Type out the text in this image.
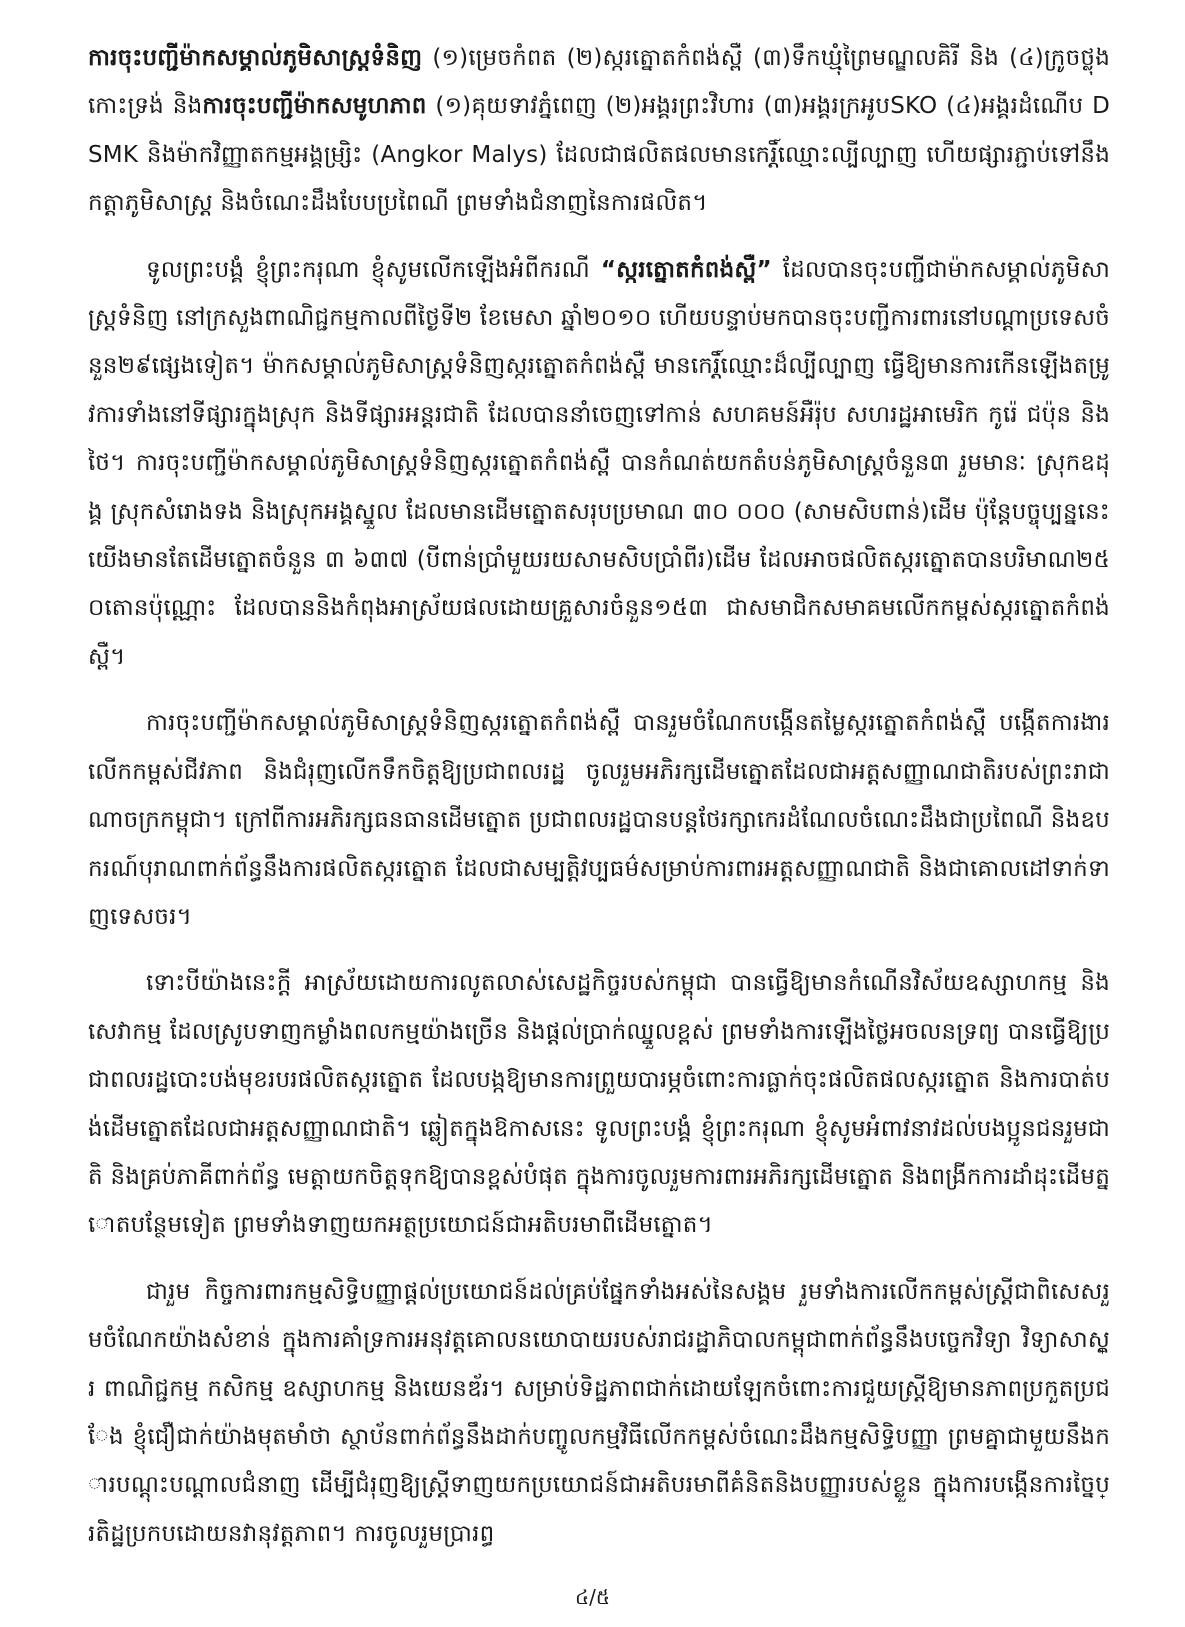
ការចុះបញ្ជីម៉ាកសម្គាល់ភូមិសាស្ត្រទំនិញ (១)ម្រេចកំពត (២)ស្ករត្នោតកំពង់ស្ពឺ (៣)ទឹកឃ្មុំព្រៃមណ្ឌលគិរី និង (៤)ក្រូចថ្លុងកោះទ្រង់ និងការចុះបញ្ជីម៉ាកសមូហភាព (១)គុយទាវភ្នំពេញ (២)អង្គរព្រះវិហារ (៣)អង្គរក្រអូបSKO (៤)អង្គរដំណើប DSMK និងម៉ាកវិញ្ញាតកម្មអង្គម្ស្រិះ (Angkor Malys) ដែលជាផលិតផលមានកេរ្តិ៍ឈ្មោះល្បីល្បាញ ហើយផ្សារភ្ជាប់ទៅនឹងកត្តាភូមិសាស្ត្រ និងចំណេះដឹងបែបប្រពៃណី ព្រមទាំងជំនាញនៃការផលិត។

ទូលព្រះបង្គំ ខ្ញុំព្រះករុណា ខ្ញុំសូមលើកឡើងអំពីករណី “ស្ករត្នោតកំពង់ស្ពឺ” ដែលបានចុះបញ្ជីជាម៉ាកសម្គាល់ភូមិសាស្ត្រទំនិញ នៅក្រសួងពាណិជ្ជកម្មកាលពីថ្ងៃទី២ ខែមេសា ឆ្នាំ២០១០ ហើយបន្ទាប់មកបានចុះបញ្ជីការពារនៅបណ្តាប្រទេសចំនួន២៩ផ្សេងទៀត។ ម៉ាកសម្គាល់ភូមិសាស្ត្រទំនិញស្ករត្នោតកំពង់ស្ពឺ មានកេរ្តិ៍ឈ្មោះដ៏ល្បីល្បាញ ធ្វើឱ្យមានការកើនឡើងតម្រូវការទាំងនៅទីផ្សារក្នុងស្រុក និងទីផ្សារអន្តរជាតិ ដែលបាននាំចេញទៅកាន់ សហគមន៍អឺរ៉ុប សហរដ្ឋអាមេរិក កូរ៉េ ជប៉ុន និងថៃ។ ការចុះបញ្ជីម៉ាកសម្គាល់ភូមិសាស្ត្រទំនិញស្ករត្នោតកំពង់ស្ពឺ បានកំណត់យកតំបន់ភូមិសាស្ត្រចំនួន៣ រួមមានៈ ស្រុកឧដុង្គ ស្រុកសំរោងទង និងស្រុកអង្គស្នួល ដែលមានដើមត្នោតសរុបប្រមាណ ៣០ ០០០ (សាមសិបពាន់)ដើម ប៉ុន្តែបច្ចុប្បន្ននេះ យើងមានតែដើមត្នោតចំនួន ៣ ៦៣៧ (បីពាន់ប្រាំមួយរយសាមសិបប្រាំពីរ)ដើម ដែលអាចផលិតស្ករត្នោតបានបរិមាណ២៥០តោនប៉ុណ្ណោះ ដែលបាននិងកំពុងអាស្រ័យផលដោយគ្រួសារចំនួន១៥៣ ជាសមាជិកសមាគមលើកកម្ពស់ស្ករត្នោតកំពង់ស្ពឺ។

ការចុះបញ្ជីម៉ាកសម្គាល់ភូមិសាស្ត្រទំនិញស្ករត្នោតកំពង់ស្ពឺ បានរួមចំណែកបង្កើនតម្លៃស្ករត្នោតកំពង់ស្ពឺ បង្កើតការងារ លើកកម្ពស់ជីវភាព និងជំរុញលើកទឹកចិត្តឱ្យប្រជាពលរដ្ឋ ចូលរួមអភិរក្សដើមត្នោតដែលជាអត្តសញ្ញាណជាតិរបស់ព្រះរាជាណាចក្រកម្ពុជា។ ក្រៅពីការអភិរក្សធនធានដើមត្នោត ប្រជាពលរដ្ឋបានបន្តថែរក្សាកេរដំណែលចំណេះដឹងជាប្រពៃណី និងឧបករណ៍បុរាណពាក់ព័ន្ធនឹងការផលិតស្ករត្នោត ដែលជាសម្បត្តិវប្បធម៌សម្រាប់ការពារអត្តសញ្ញាណជាតិ និងជាគោលដៅទាក់ទាញទេសចរ។

ទោះបីយ៉ាងនេះក្តី អាស្រ័យដោយការលូតលាស់សេដ្ឋកិច្ចរបស់កម្ពុជា បានធ្វើឱ្យមានកំណើនវិស័យឧស្សាហកម្ម និងសេវាកម្ម ដែលស្រូបទាញកម្លាំងពលកម្មយ៉ាងច្រើន និងផ្តល់ប្រាក់ឈ្នួលខ្ពស់ ព្រមទាំងការឡើងថ្លៃអចលនទ្រព្យ បានធ្វើឱ្យប្រជាពលរដ្ឋបោះបង់មុខរបរផលិតស្ករត្នោត ដែលបង្កឱ្យមានការព្រួយបារម្ភចំពោះការធ្លាក់ចុះផលិតផលស្ករត្នោត និងការបាត់បង់ដើមត្នោតដែលជាអត្តសញ្ញាណជាតិ។ ឆ្លៀតក្នុងឱកាសនេះ ទូលព្រះបង្គំ ខ្ញុំព្រះករុណា ខ្ញុំសូមអំពាវនាវដល់បងប្អូនជនរួមជាតិ និងគ្រប់ភាគីពាក់ព័ន្ធ មេត្តាយកចិត្តទុកឱ្យបានខ្ពស់បំផុត ក្នុងការចូលរួមការពារអភិរក្សដើមត្នោត និងពង្រីកការដាំដុះដើមត្នោតបន្ថែមទៀត ព្រមទាំងទាញយកអត្ថប្រយោជន៍ជាអតិបរមាពីដើមត្នោត។

ជារួម កិច្ចការពារកម្មសិទ្ធិបញ្ញាផ្តល់ប្រយោជន៍ដល់គ្រប់ផ្នែកទាំងអស់នៃសង្គម រួមទាំងការលើកកម្ពស់ស្ត្រីជាពិសេសរួមចំណែកយ៉ាងសំខាន់ ក្នុងការគាំទ្រការអនុវត្តគោលនយោបាយរបស់រាជរដ្ឋាភិបាលកម្ពុជាពាក់ព័ន្ធនឹងបច្ចេកវិទ្យា វិទ្យាសាស្ត្រ ពាណិជ្ជកម្ម កសិកម្ម ឧស្សាហកម្ម និងយេនឌ័រ។ សម្រាប់ទិដ្ឋភាពជាក់ដោយឡែកចំពោះការជួយស្ត្រីឱ្យមានភាពប្រកួតប្រជែង ខ្ញុំជឿជាក់យ៉ាងមុតមាំថា ស្ថាប័នពាក់ព័ន្ធនឹងដាក់បញ្ចូលកម្មវិធីលើកកម្ពស់ចំណេះដឹងកម្មសិទ្ធិបញ្ញា ព្រមគ្នាជាមួយនឹងការបណ្តុះបណ្តាលជំនាញ ដើម្បីជំរុញឱ្យស្ត្រីទាញយកប្រយោជន៍ជាអតិបរមាពីគំនិតនិងបញ្ញារបស់ខ្លួន ក្នុងការបង្កើនការច្នៃប្រតិដ្ឋប្រកបដោយនវានុវត្តភាព។ ការចូលរួមប្រារព្ធ

៤/៥
